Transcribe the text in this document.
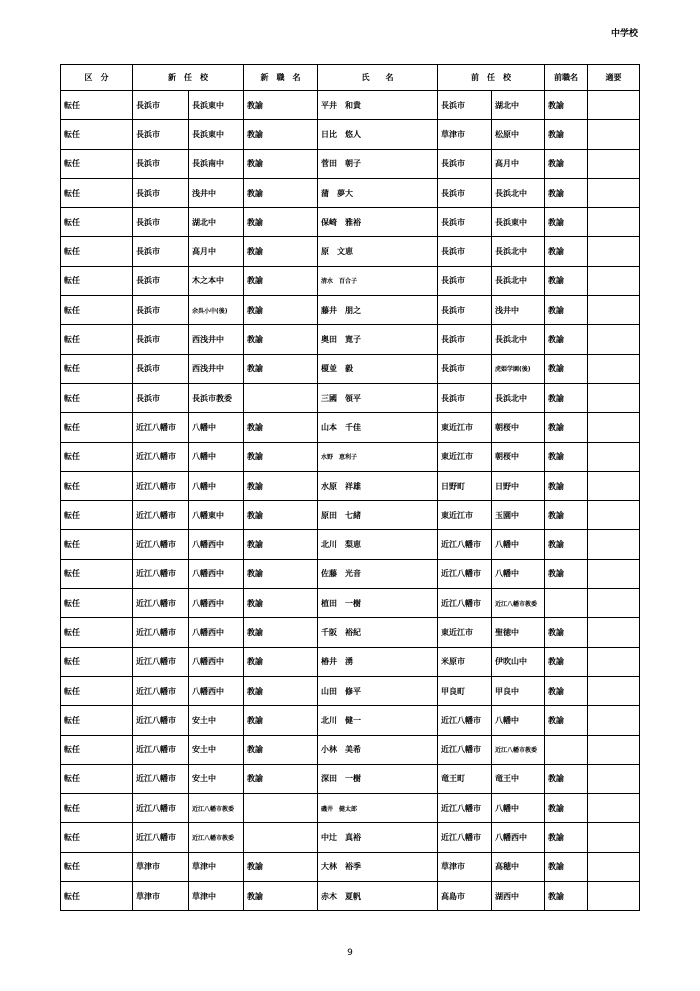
中学校
区　分	新　任　校		新　職　名	氏　　名	前　任　校		前職名	適要
転任	長浜市	長浜東中	教諭	平井　和貴	長浜市	湖北中	教諭	
転任	長浜市	長浜東中	教諭	日比　悠人	草津市	松原中	教諭	
転任	長浜市	長浜南中	教諭	菅田　朝子	長浜市	高月中	教諭	
転任	長浜市	浅井中	教諭	蒲　夢大	長浜市	長浜北中	教諭	
転任	長浜市	湖北中	教諭	保崎　雅裕	長浜市	長浜東中	教諭	
転任	長浜市	高月中	教諭	原　文恵	長浜市	長浜北中	教諭	
転任	長浜市	木之本中	教諭	清水　百合子	長浜市	長浜北中	教諭	
転任	長浜市	余呉小中(後)	教諭	藤井　朋之	長浜市	浅井中	教諭	
転任	長浜市	西浅井中	教諭	奥田　寛子	長浜市	長浜北中	教諭	
転任	長浜市	西浅井中	教諭	榎並　毅	長浜市	虎姫学園(後)	教諭	
転任	長浜市	長浜市教委		三國　領平	長浜市	長浜北中	教諭	
転任	近江八幡市	八幡中	教諭	山本　千佳	東近江市	朝桜中	教諭	
転任	近江八幡市	八幡中	教諭	水野　恵利子	東近江市	朝桜中	教諭	
転任	近江八幡市	八幡中	教諭	水原　祥雄	日野町	日野中	教諭	
転任	近江八幡市	八幡東中	教諭	原田　七緒	東近江市	玉園中	教諭	
転任	近江八幡市	八幡西中	教諭	北川　梨恵	近江八幡市	八幡中	教諭	
転任	近江八幡市	八幡西中	教諭	佐藤　光音	近江八幡市	八幡中	教諭	
転任	近江八幡市	八幡西中	教諭	植田　一樹	近江八幡市	近江八幡市教委		
転任	近江八幡市	八幡西中	教諭	千阪　裕紀	東近江市	聖徳中	教諭	
転任	近江八幡市	八幡西中	教諭	椿井　湧	米原市	伊吹山中	教諭	
転任	近江八幡市	八幡西中	教諭	山田　修平	甲良町	甲良中	教諭	
転任	近江八幡市	安土中	教諭	北川　健一	近江八幡市	八幡中	教諭	
転任	近江八幡市	安土中	教諭	小林　美希	近江八幡市	近江八幡市教委		
転任	近江八幡市	安土中	教諭	深田　一樹	竜王町	竜王中	教諭	
転任	近江八幡市	近江八幡市教委		磯井　健太郎	近江八幡市	八幡中	教諭	
転任	近江八幡市	近江八幡市教委		中辻　真裕	近江八幡市	八幡西中	教諭	
転任	草津市	草津中	教諭	大林　裕季	草津市	高穂中	教諭	
転任	草津市	草津中	教諭	赤木　夏帆	高島市	湖西中	教諭	
9
